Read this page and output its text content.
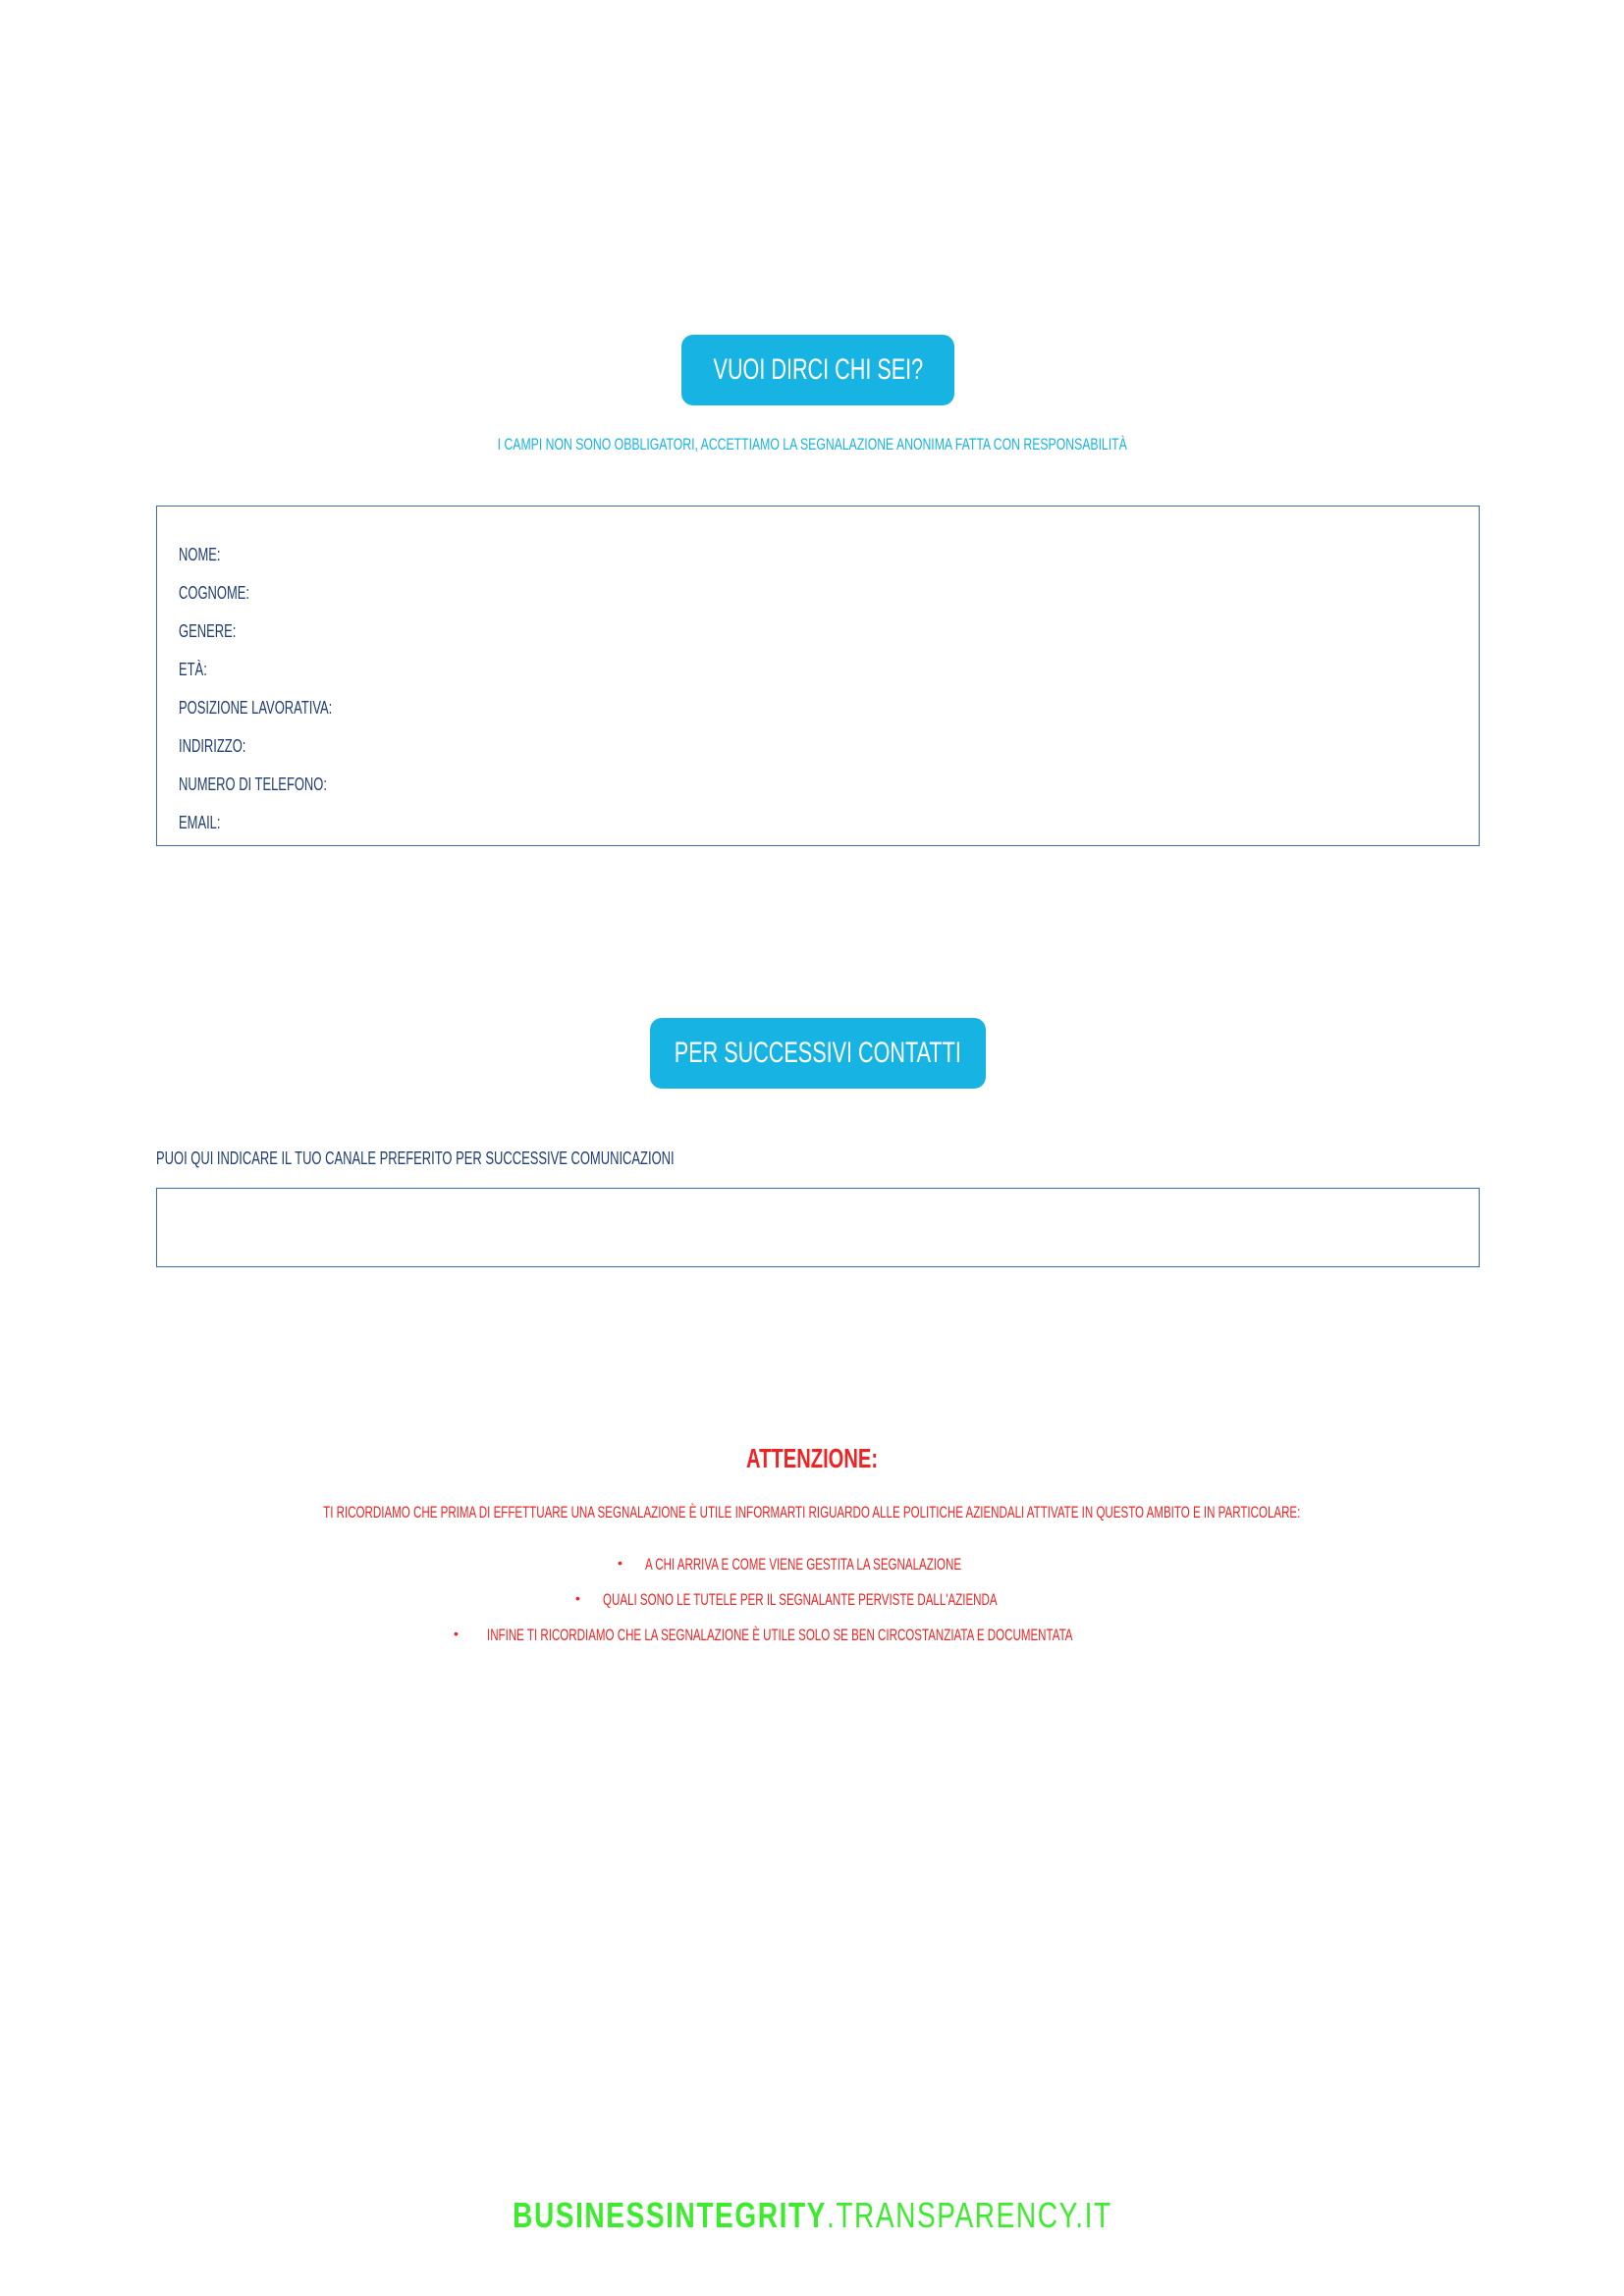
VUOI DIRCI CHI SEI?
I CAMPI NON SONO OBBLIGATORI, ACCETTIAMO LA SEGNALAZIONE ANONIMA FATTA CON RESPONSABILITÀ
NOME:
COGNOME:
GENERE:
ETÀ:
POSIZIONE LAVORATIVA:
INDIRIZZO:
NUMERO DI TELEFONO:
EMAIL:
PER SUCCESSIVI CONTATTI
PUOI QUI INDICARE IL TUO CANALE PREFERITO PER SUCCESSIVE COMUNICAZIONI
ATTENZIONE:
TI RICORDIAMO CHE PRIMA DI EFFETTUARE UNA SEGNALAZIONE È UTILE INFORMARTI RIGUARDO ALLE POLITICHE AZIENDALI ATTIVATE IN QUESTO AMBITO E IN PARTICOLARE:
• A CHI ARRIVA E COME VIENE GESTITA LA SEGNALAZIONE
• QUALI SONO LE TUTELE PER IL SEGNALANTE PERVISTE DALL'AZIENDA
• INFINE TI RICORDIAMO CHE LA SEGNALAZIONE È UTILE SOLO SE BEN CIRCOSTANZIATA E DOCUMENTATA
BUSINESSINTEGRITY.TRANSPARENCY.IT
